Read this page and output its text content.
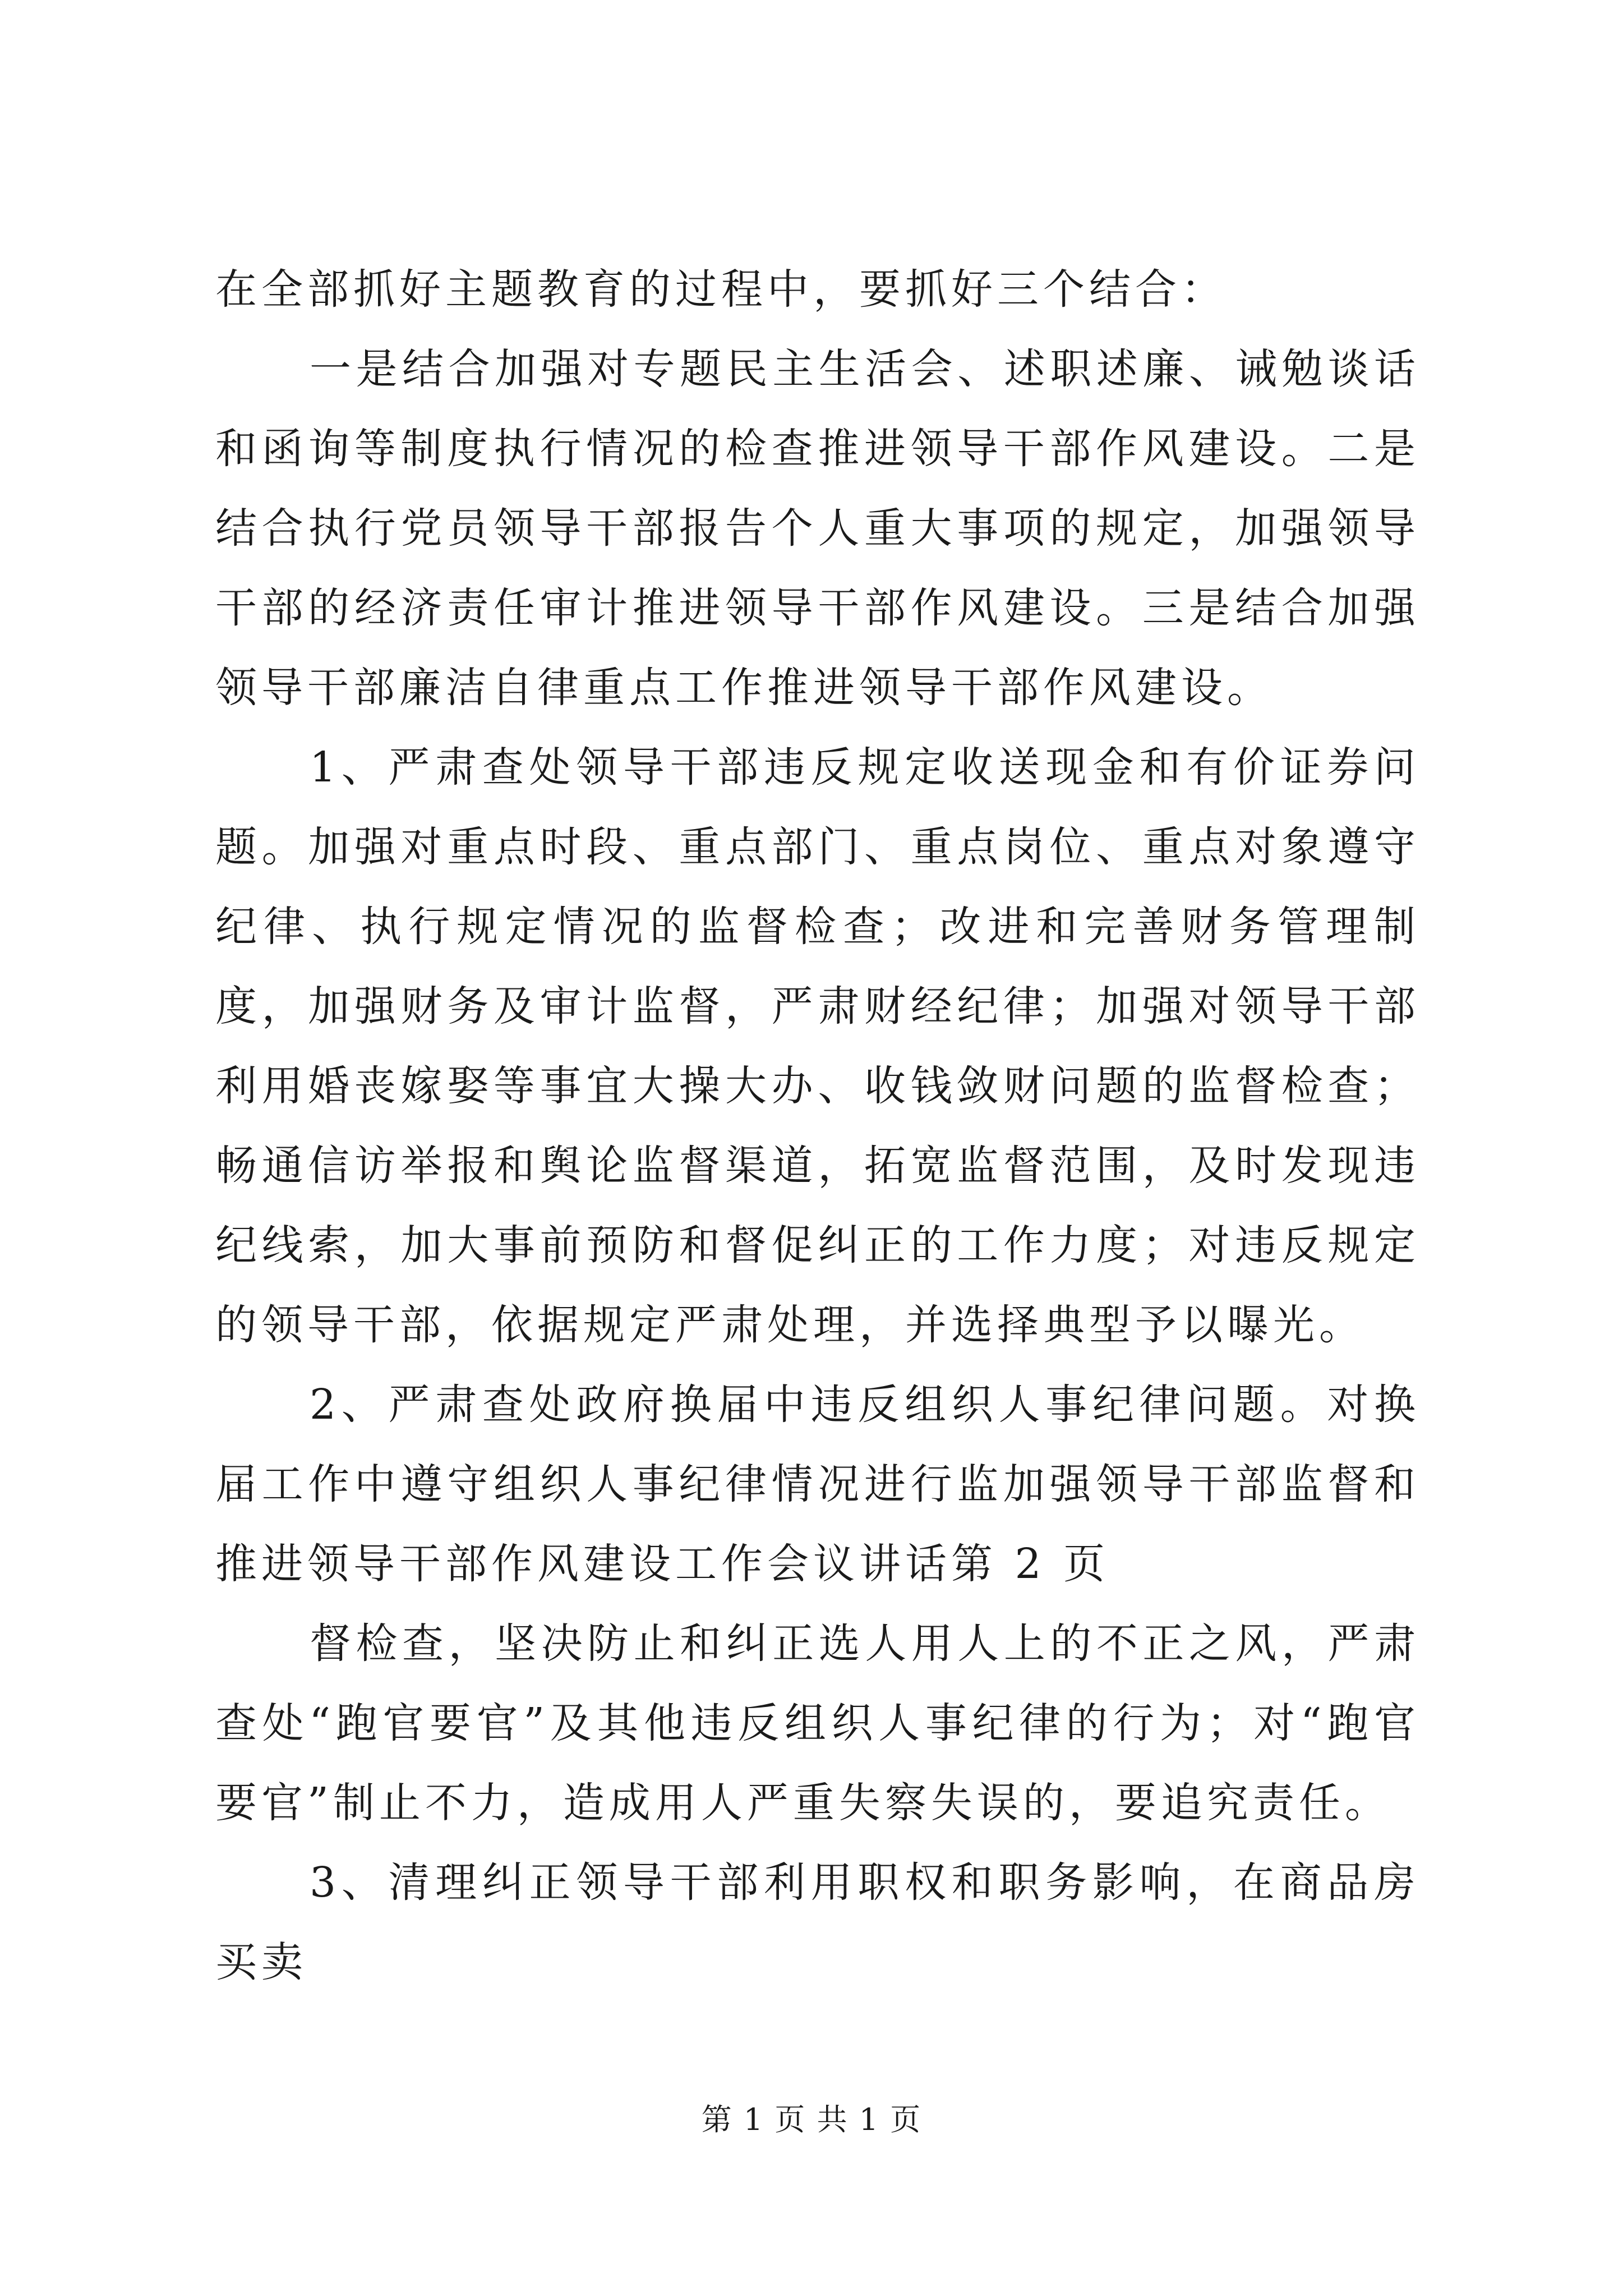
在全部抓好主题教育的过程中，要抓好三个结合：

一是结合加强对专题民主生活会、述职述廉、诫勉谈话和函询等制度执行情况的检查推进领导干部作风建设。二是结合执行党员领导干部报告个人重大事项的规定，加强领导干部的经济责任审计推进领导干部作风建设。三是结合加强领导干部廉洁自律重点工作推进领导干部作风建设。

1、严肃查处领导干部违反规定收送现金和有价证券问题。加强对重点时段、重点部门、重点岗位、重点对象遵守纪律、执行规定情况的监督检查；改进和完善财务管理制度，加强财务及审计监督，严肃财经纪律；加强对领导干部利用婚丧嫁娶等事宜大操大办、收钱敛财问题的监督检查；畅通信访举报和舆论监督渠道，拓宽监督范围，及时发现违纪线索，加大事前预防和督促纠正的工作力度；对违反规定的领导干部，依据规定严肃处理，并选择典型予以曝光。

2、严肃查处政府换届中违反组织人事纪律问题。对换届工作中遵守组织人事纪律情况进行监加强领导干部监督和推进领导干部作风建设工作会议讲话第 2 页

督检查，坚决防止和纠正选人用人上的不正之风，严肃查处“跑官要官”及其他违反组织人事纪律的行为；对“跑官要官”制止不力，造成用人严重失察失误的，要追究责任。

3、清理纠正领导干部利用职权和职务影响，在商品房买卖

第 1 页 共 1 页
